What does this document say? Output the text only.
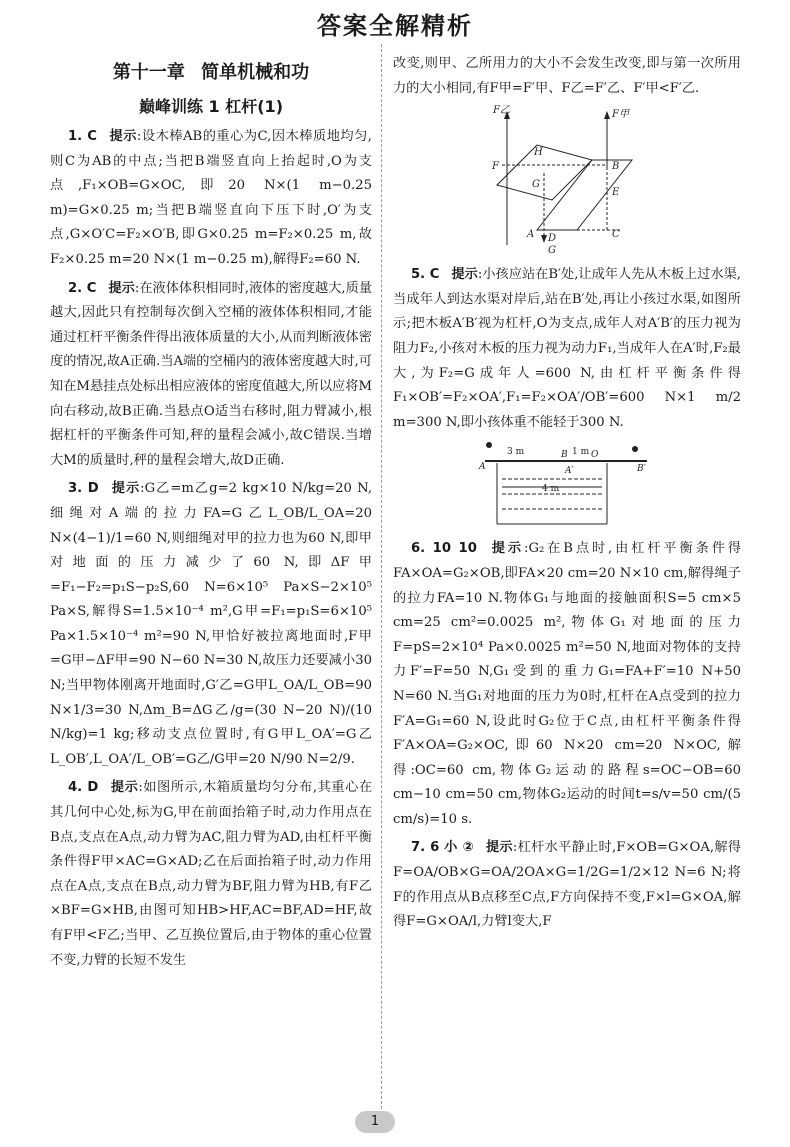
答案全解精析
第十一章 简单机械和功
巅峰训练 1 杠杆(1)

1. C 提示:设木棒AB的重心为C,因木棒质地均匀,则C为AB的中点;当把B端竖直向上抬起时,O为支点,F₁×OB=G×OC,即20 N×(1 m−0.25 m)=G×0.25 m;当把B端竖直向下压下时,O′为支点,G×O′C=F₂×O′B,即G×0.25 m=F₂×0.25 m,故F₂×0.25 m=20 N×(1 m−0.25 m),解得F₂=60 N.

2. C 提示:在液体体积相同时,液体的密度越大,质量越大,因此只有控制每次倒入空桶的液体体积相同,才能通过杠杆平衡条件得出液体质量的大小,从而判断液体密度的情况,故A正确.当A端的空桶内的液体密度越大时,可知在M悬挂点处标出相应液体的密度值越大,所以应将M向右移动,故B正确.当悬点O适当右移时,阻力臂减小,根据杠杆的平衡条件可知,秤的量程会减小,故C错误.当增大M的质量时,秤的量程会增大,故D正确.

3. D 提示:G乙=m乙g=2 kg×10 N/kg=20 N,细绳对A端的拉力FA=G乙L_OB/L_OA=20 N×(4−1)/1=60 N,则细绳对甲的拉力也为60 N,即甲对地面的压力减少了60 N,即ΔF甲=F₁−F₂=p₁S−p₂S,60 N=6×10⁵ Pa×S−2×10⁵ Pa×S,解得S=1.5×10⁻⁴ m²,G甲=F₁=p₁S=6×10⁵ Pa×1.5×10⁻⁴ m²=90 N,甲恰好被拉离地面时,F甲=G甲−ΔF甲=90 N−60 N=30 N,故压力还要减小30 N;当甲物体刚离开地面时,G′乙=G甲L_OA/L_OB=90 N×1/3=30 N,Δm_B=ΔG乙/g=(30 N−20 N)/(10 N/kg)=1 kg;移动支点位置时,有G甲L_OA′=G乙L_OB′,L_OA′/L_OB′=G乙/G甲=20 N/90 N=2/9.

4. D 提示:如图所示,木箱质量均匀分布,其重心在其几何中心处,标为G,甲在前面抬箱子时,动力作用点在B点,支点在A点,动力臂为AC,阻力臂为AD,由杠杆平衡条件得F甲×AC=G×AD;乙在后面抬箱子时,动力作用点在A点,支点在B点,动力臂为BF,阻力臂为HB,有F乙×BF=G×HB,由图可知HB>HF,AC=BF,AD=HF,故有F甲<F乙;当甲、乙互换位置后,由于物体的重心位置不变,力臂的长短不发生

改变,则甲、乙所用力的大小不会发生改变,即与第一次所用力的大小相同,有F甲=F′甲、F乙=F′乙、F′甲<F′乙.

F乙	F甲
F	B
G
H
E
A D	C
G

5. C 提示:小孩应站在B′处,让成年人先从木板上过水渠,当成年人到达水渠对岸后,站在B′处,再让小孩过水渠,如图所示;把木板A′B′视为杠杆,O为支点,成年人对A′B′的压力视为阻力F₂,小孩对木板的压力视为动力F₁,当成年人在A′时,F₂最大,为F₂=G成年人=600 N,由杠杆平衡条件得F₁×OB′=F₂×OA′,F₁=F₂×OA′/OB′=600 N×1 m/2 m=300 N,即小孩体重不能轻于300 N.

3 m	1 m
A
B	O
A′	B′
4 m

6. 10 10 提示:G₂在B点时,由杠杆平衡条件得FA×OA=G₂×OB,即FA×20 cm=20 N×10 cm,解得绳子的拉力FA=10 N.物体G₁与地面的接触面积S=5 cm×5 cm=25 cm²=0.0025 m²,物体G₁对地面的压力F=pS=2×10⁴ Pa×0.0025 m²=50 N,地面对物体的支持力F′=F=50 N,G₁受到的重力G₁=FA+F′=10 N+50 N=60 N.当G₁对地面的压力为0时,杠杆在A点受到的拉力F′A=G₁=60 N,设此时G₂位于C点,由杠杆平衡条件得F′A×OA=G₂×OC,即60 N×20 cm=20 N×OC,解得:OC=60 cm,物体G₂运动的路程s=OC−OB=60 cm−10 cm=50 cm,物体G₂运动的时间t=s/v=50 cm/(5 cm/s)=10 s.

7. 6 小 ② 提示:杠杆水平静止时,F×OB=G×OA,解得F=OA/OB×G=OA/2OA×G=1/2G=1/2×12 N=6 N;将F的作用点从B点移至C点,F方向保持不变,F×l=G×OA,解得F=G×OA/l,力臂l变大,F

1
